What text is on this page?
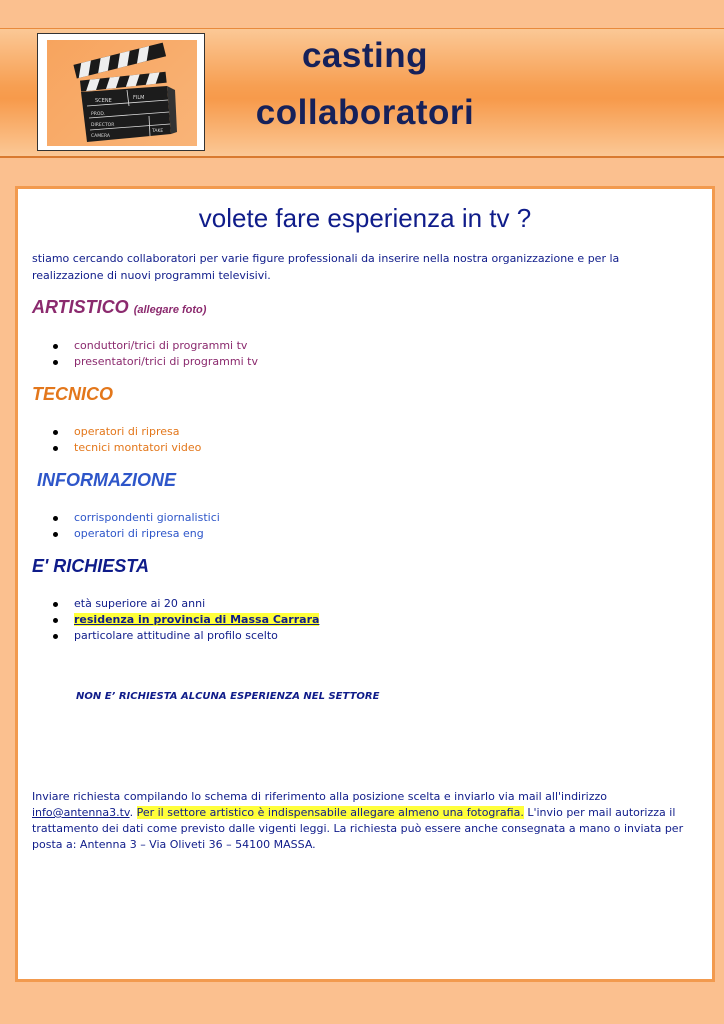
SCENE	FILM
PROD.
DIRECTOR
CAMERA
TAKE
casting
collaboratori
volete fare esperienza in tv ?
stiamo cercando collaboratori per varie figure professionali da inserire nella nostra organizzazione e per la realizzazione di nuovi programmi televisivi.
ARTISTICO (allegare foto)
conduttori/trici di programmi tv
presentatori/trici di programmi tv
TECNICO
operatori di ripresa
tecnici montatori video
INFORMAZIONE
corrispondenti giornalistici
operatori di ripresa eng
E' RICHIESTA
età superiore ai 20 anni
residenza in provincia di Massa Carrara
particolare attitudine al profilo scelto
NON E’ RICHIESTA ALCUNA ESPERIENZA NEL SETTORE
Inviare richiesta compilando lo schema di riferimento alla posizione scelta e inviarlo via mail all'indirizzo info@antenna3.tv. Per il settore artistico è indispensabile allegare almeno una fotografia. L'invio per mail autorizza il trattamento dei dati come previsto dalle vigenti leggi. La richiesta può essere anche consegnata a mano o inviata per posta a: Antenna 3 – Via Oliveti 36 – 54100 MASSA.
